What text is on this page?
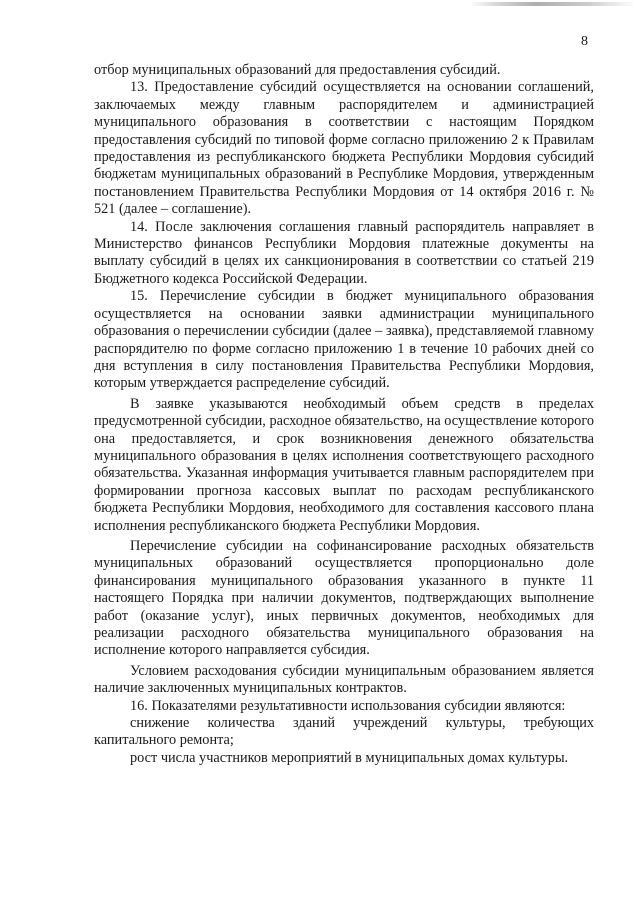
8

отбор муниципальных образований для предоставления субсидий.

13. Предоставление субсидий осуществляется на основании соглашений, заключаемых между главным распорядителем и администрацией муниципального образования в соответствии с настоящим Порядком предоставления субсидий по типовой форме согласно приложению 2 к Правилам предоставления из республиканского бюджета Республики Мордовия субсидий бюджетам муниципальных образований в Республике Мордовия, утвержденным постановлением Правительства Республики Мордовия от 14 октября 2016 г. № 521 (далее – соглашение).

14. После заключения соглашения главный распорядитель направляет в Министерство финансов Республики Мордовия платежные документы на выплату субсидий в целях их санкционирования в соответствии со статьей 219 Бюджетного кодекса Российской Федерации.

15. Перечисление субсидии в бюджет муниципального образования осуществляется на основании заявки администрации муниципального образования о перечислении субсидии (далее – заявка), представляемой главному распорядителю по форме согласно приложению 1 в течение 10 рабочих дней со дня вступления в силу постановления Правительства Республики Мордовия, которым утверждается распределение субсидий.

В заявке указываются необходимый объем средств в пределах предусмотренной субсидии, расходное обязательство, на осуществление которого она предоставляется, и срок возникновения денежного обязательства муниципального образования в целях исполнения соответствующего расходного обязательства. Указанная информация учитывается главным распорядителем при формировании прогноза кассовых выплат по расходам республиканского бюджета Республики Мордовия, необходимого для составления кассового плана исполнения республиканского бюджета Республики Мордовия.

Перечисление субсидии на софинансирование расходных обязательств муниципальных образований осуществляется пропорционально доле финансирования муниципального образования указанного в пункте 11 настоящего Порядка при наличии документов, подтверждающих выполнение работ (оказание услуг), иных первичных документов, необходимых для реализации расходного обязательства муниципального образования на исполнение которого направляется субсидия.

Условием расходования субсидии муниципальным образованием является наличие заключенных муниципальных контрактов.

16. Показателями результативности использования субсидии являются:

снижение количества зданий учреждений культуры, требующих капитального ремонта;

рост числа участников мероприятий в муниципальных домах культуры.
